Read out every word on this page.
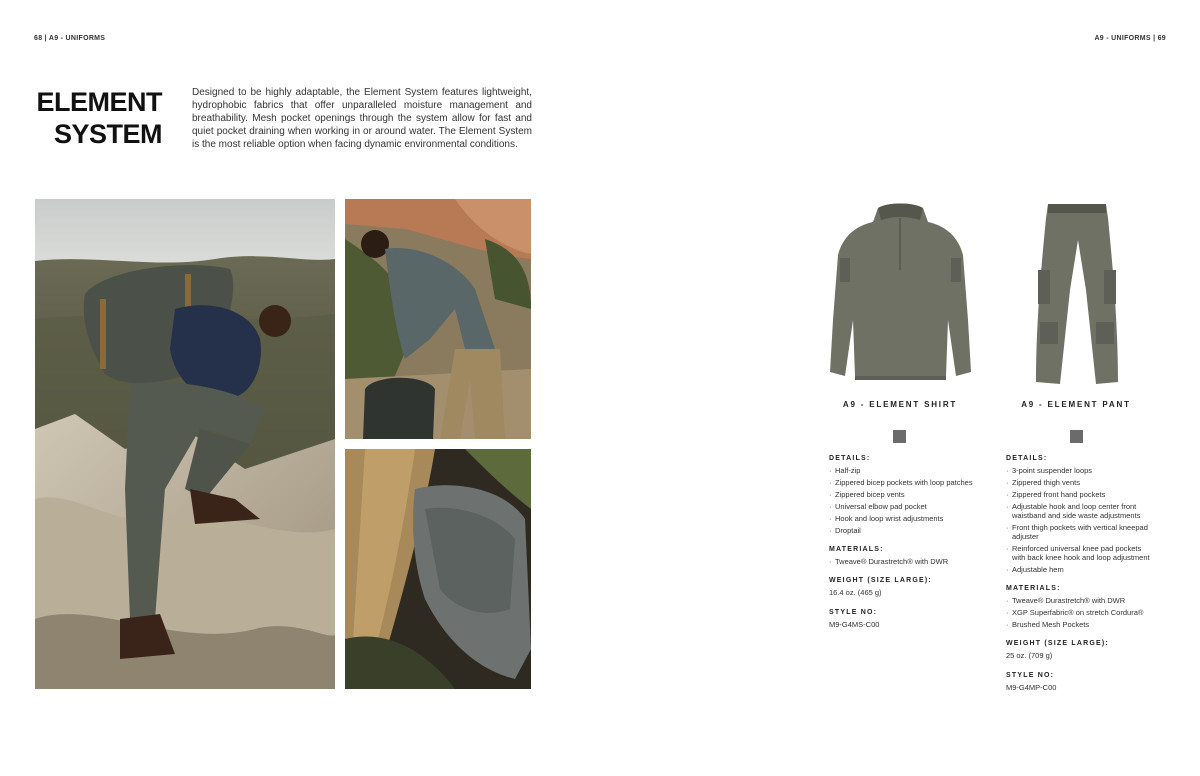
68 | A9 - UNIFORMS	A9 - UNIFORMS | 69
ELEMENT
SYSTEM

Designed to be highly adaptable, the Element System features lightweight, hydrophobic fabrics that offer unparalleled moisture management and breathability. Mesh pocket openings through the system allow for fast and quiet pocket draining when working in or around water. The Element System is the most reliable option when facing dynamic environmental conditions.

A9 - ELEMENT SHIRT
DETAILS:
· Half-zip
· Zippered bicep pockets with loop patches
· Zippered bicep vents
· Universal elbow pad pocket
· Hook and loop wrist adjustments
· Droptail
MATERIALS:
· Tweave® Durastretch® with DWR
WEIGHT (SIZE LARGE):
16.4 oz. (465 g)
STYLE NO:
M9-G4MS-C00
A9 - ELEMENT PANT
DETAILS:
· 3-point suspender loops
· Zippered thigh vents
· Zippered front hand pockets
· Adjustable hook and loop center front waistband and side waste adjustments
· Front thigh pockets with vertical kneepad adjuster
· Reinforced universal knee pad pockets with back knee hook and loop adjustment
· Adjustable hem
MATERIALS:
· Tweave® Durastretch® with DWR
· XGP Superfabric® on stretch Cordura®
· Brushed Mesh Pockets
WEIGHT (SIZE LARGE):
25 oz. (709 g)
STYLE NO:
M9-G4MP-C00
